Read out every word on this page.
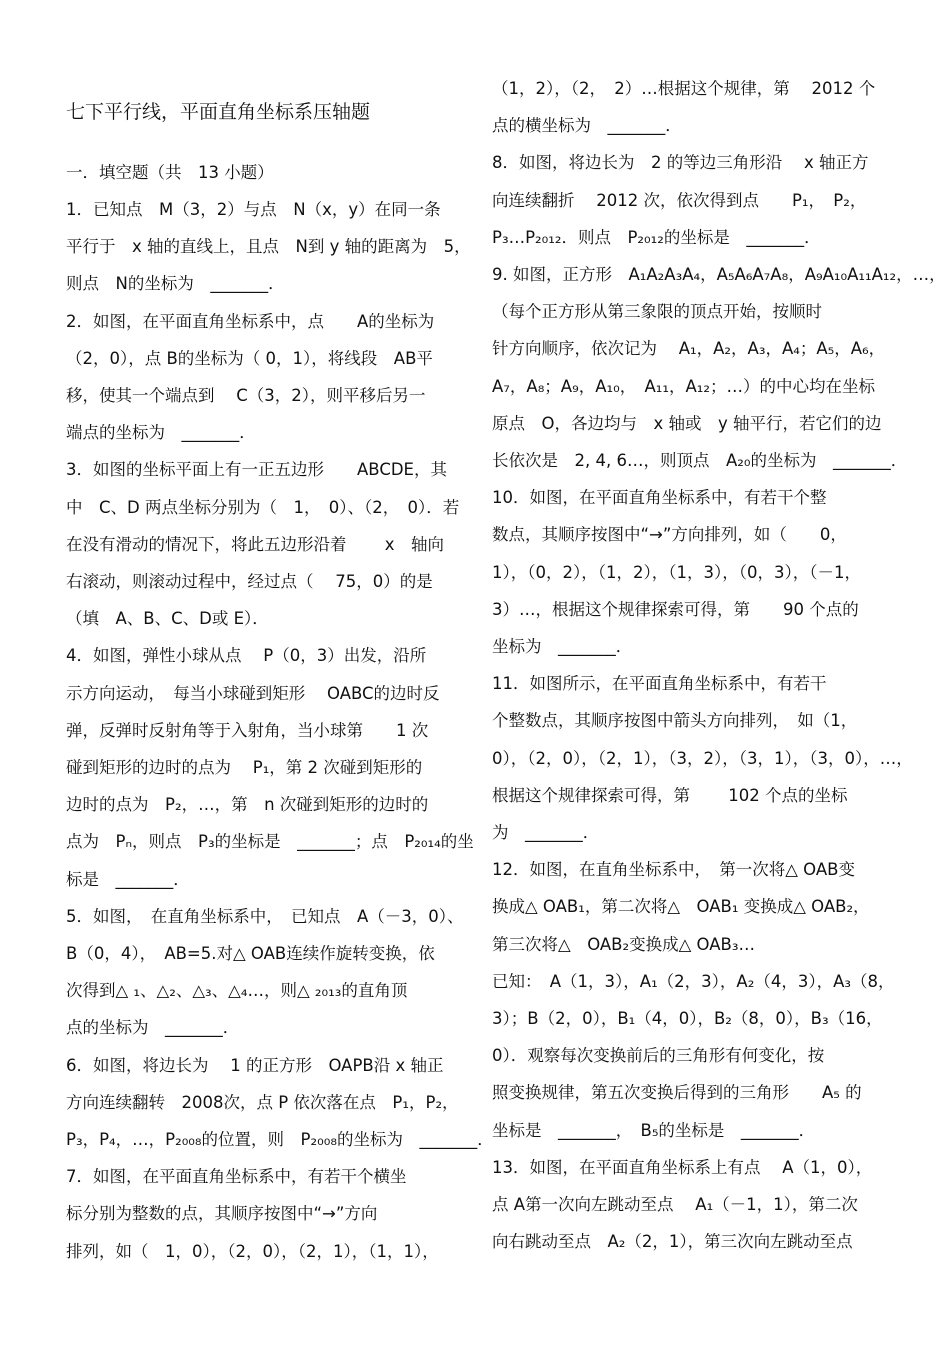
七下平行线，平面直角坐标系压轴题
一．填空题（共　13 小题）
1．已知点　M（3，2）与点　N（x，y）在同一条
平行于　x 轴的直线上，且点　N到 y 轴的距离为　5，
则点　N的坐标为　_______．
2．如图，在平面直角坐标系中，点　　A的坐标为
（2，0），点 B的坐标为（ 0，1），将线段　AB平
移，使其一个端点到　 C（3，2），则平移后另一
端点的坐标为　_______．
3．如图的坐标平面上有一正五边形　　ABCDE，其
中　C、D 两点坐标分别为（　1，　0）、（2，　0）．若
在没有滑动的情况下，将此五边形沿着　　 x　轴向
右滚动，则滚动过程中，经过点（　 75，0）的是
（填　A、B、C、D或 E）．
4．如图，弹性小球从点　 P（0，3）出发，沿所
示方向运动，　每当小球碰到矩形　 OABC的边时反
弹，反弹时反射角等于入射角，当小球第　　1 次
碰到矩形的边时的点为　 P₁，第 2 次碰到矩形的
边时的点为　P₂，…，第　n 次碰到矩形的边时的
点为　Pₙ，则点　P₃的坐标是　_______；点　P₂₀₁₄的坐
标是　_______．
5．如图，　在直角坐标系中，　已知点　A（－3，0）、
B（0，4），　AB=5.对△ OAB连续作旋转变换，依
次得到△ ₁、△₂、△₃、△₄…，则△ ₂₀₁₃的直角顶
点的坐标为　_______．
6．如图，将边长为　 1 的正方形　OAPB沿 x 轴正
方向连续翻转　2008次，点 P 依次落在点　P₁，P₂，
P₃，P₄，…，P₂₀₀₈的位置，则　P₂₀₀₈的坐标为　_______．
7．如图，在平面直角坐标系中，有若干个横坐
标分别为整数的点，其顺序按图中“→”方向
排列，如（　1，0），（2，0），（2，1），（1，1），
（1，2），（2，　2）…根据这个规律，第　 2012 个
点的横坐标为　_______．
8．如图，将边长为　2 的等边三角形沿　 x 轴正方
向连续翻折　 2012 次，依次得到点　　P₁，　P₂，
P₃…P₂₀₁₂．则点　P₂₀₁₂的坐标是　_______．
9. 如图，正方形　A₁A₂A₃A₄，A₅A₆A₇A₈，A₉A₁₀A₁₁A₁₂，…，
（每个正方形从第三象限的顶点开始，按顺时
针方向顺序，依次记为　 A₁，A₂，A₃，A₄；A₅，A₆，
A₇，A₈；A₉，A₁₀，　A₁₁，A₁₂；…）的中心均在坐标
原点　O，各边均与　x 轴或　y 轴平行，若它们的边
长依次是　2, 4, 6…，则顶点　A₂₀的坐标为　_______．
10．如图，在平面直角坐标系中，有若干个整
数点，其顺序按图中“→”方向排列，如（　　0，
1），（0，2），（1，2），（1，3），（0，3），（－1，
3）…，根据这个规律探索可得，第　　90 个点的
坐标为　_______．
11．如图所示，在平面直角坐标系中，有若干
个整数点，其顺序按图中箭头方向排列，　如（1，
0），（2，0），（2，1），（3，2），（3，1），（3，0），…，
根据这个规律探索可得，第　　 102 个点的坐标
为　_______．
12．如图，在直角坐标系中，　第一次将△ OAB变
换成△ OAB₁，第二次将△　OAB₁ 变换成△ OAB₂，
第三次将△　OAB₂变换成△ OAB₃…
已知：　A（1，3），A₁（2，3），A₂（4，3），A₃（8，
3）；B（2，0），B₁（4，0），B₂（8，0），B₃（16，
0）．观察每次变换前后的三角形有何变化，按
照变换规律，第五次变换后得到的三角形　　A₅ 的
坐标是　_______，　B₅的坐标是　_______．
13．如图，在平面直角坐标系上有点　 A（1，0），
点 A第一次向左跳动至点　 A₁（－1，1），第二次
向右跳动至点　A₂（2，1），第三次向左跳动至点
